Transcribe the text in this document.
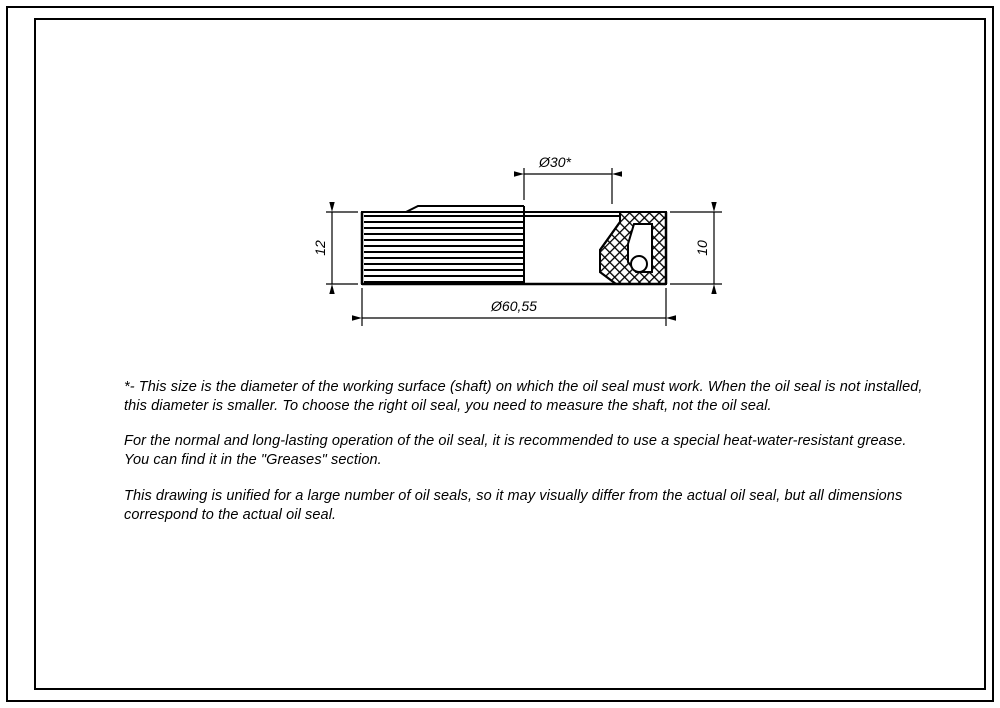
Ø30*
12	10
Ø60,55

*- This size is the diameter of the working surface (shaft) on which the oil seal must work. When the oil seal is not installed, this diameter is smaller. To choose the right oil seal, you need to measure the shaft, not the oil seal.

For the normal and long-lasting operation of the oil seal, it is recommended to use a special heat-water-resistant grease. You can find it in the "Greases" section.

This drawing is unified for a large number of oil seals, so it may visually differ from the actual oil seal, but all dimensions correspond to the actual oil seal.
